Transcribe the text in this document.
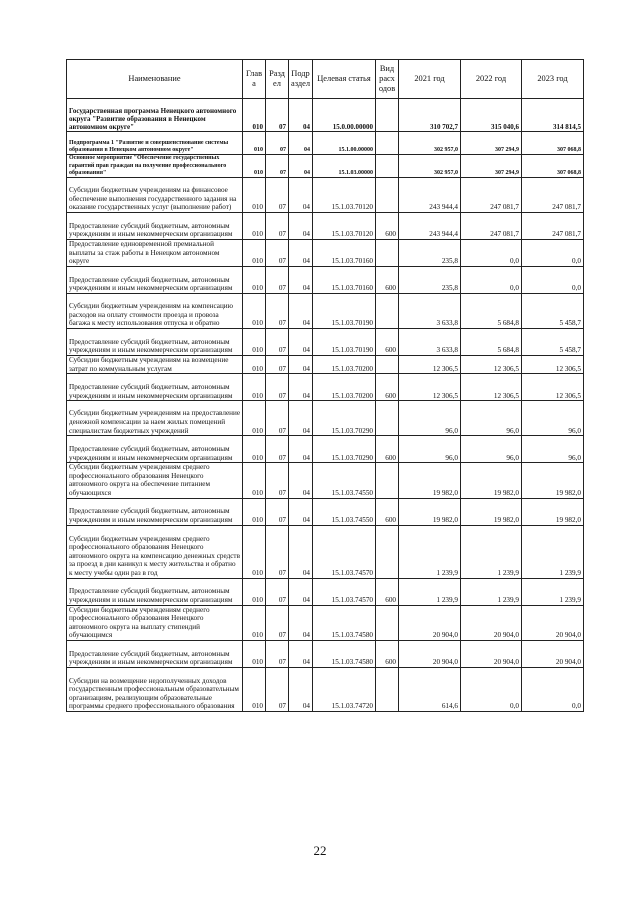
Наименование	Глав а	Разд ел	Подр аздел	Целевая статья	Вид расх одов	2021 год	2022 год	2023 год
Государственная программа Ненецкого автономного округа "Развитие образования в Ненецком автономном округе"	010	07	04	15.0.00.00000		310 702,7	315 040,6	314 814,5
Подпрограмма 1 "Развитие и совершенствование системы образования в Ненецком автономном округе"	010	07	04	15.1.00.00000		302 957,0	307 294,9	307 068,8
Основное мероприятие "Обеспечение государственных гарантий прав граждан на получение профессионального образования"	010	07	04	15.1.03.00000		302 957,0	307 294,9	307 068,8
Субсидии бюджетным учреждениям на финансовое обеспечение выполнения государственного задания на оказание государственных услуг (выполнение работ)	010	07	04	15.1.03.70120		243 944,4	247 081,7	247 081,7
Предоставление субсидий бюджетным, автономным учреждениям и иным некоммерческим организациям	010	07	04	15.1.03.70120	600	243 944,4	247 081,7	247 081,7
Предоставление единовременной премиальной выплаты за стаж работы в Ненецком автономном округе	010	07	04	15.1.03.70160		235,8	0,0	0,0
Предоставление субсидий бюджетным, автономным учреждениям и иным некоммерческим организациям	010	07	04	15.1.03.70160	600	235,8	0,0	0,0
Субсидии бюджетным учреждениям на компенсацию расходов на оплату стоимости проезда и провоза багажа к месту использования отпуска и обратно	010	07	04	15.1.03.70190		3 633,8	5 684,8	5 458,7
Предоставление субсидий бюджетным, автономным учреждениям и иным некоммерческим организациям	010	07	04	15.1.03.70190	600	3 633,8	5 684,8	5 458,7
Субсидии бюджетным учреждениям на возмещение затрат по коммунальным услугам	010	07	04	15.1.03.70200		12 306,5	12 306,5	12 306,5
Предоставление субсидий бюджетным, автономным учреждениям и иным некоммерческим организациям	010	07	04	15.1.03.70200	600	12 306,5	12 306,5	12 306,5
Субсидии бюджетным учреждениям на предоставление денежной компенсации за наем жилых помещений специалистам бюджетных учреждений	010	07	04	15.1.03.70290		96,0	96,0	96,0
Предоставление субсидий бюджетным, автономным учреждениям и иным некоммерческим организациям	010	07	04	15.1.03.70290	600	96,0	96,0	96,0
Субсидии бюджетным учреждениям среднего профессионального образования Ненецкого автономного округа на обеспечение питанием обучающихся	010	07	04	15.1.03.74550		19 982,0	19 982,0	19 982,0
Предоставление субсидий бюджетным, автономным учреждениям и иным некоммерческим организациям	010	07	04	15.1.03.74550	600	19 982,0	19 982,0	19 982,0
Субсидии бюджетным учреждениям среднего профессионального образования Ненецкого автономного округа на компенсацию денежных средств за проезд в дни каникул к месту жительства и обратно к месту учебы один раз в год	010	07	04	15.1.03.74570		1 239,9	1 239,9	1 239,9
Предоставление субсидий бюджетным, автономным учреждениям и иным некоммерческим организациям	010	07	04	15.1.03.74570	600	1 239,9	1 239,9	1 239,9
Субсидии бюджетным учреждениям среднего профессионального образования Ненецкого автономного округа на выплату стипендий обучающимся	010	07	04	15.1.03.74580		20 904,0	20 904,0	20 904,0
Предоставление субсидий бюджетным, автономным учреждениям и иным некоммерческим организациям	010	07	04	15.1.03.74580	600	20 904,0	20 904,0	20 904,0
Субсидии на возмещение недополученных доходов государственным профессиональным образовательным организациям, реализующим образовательные программы среднего профессионального образования	010	07	04	15.1.03.74720		614,6	0,0	0,0
22
